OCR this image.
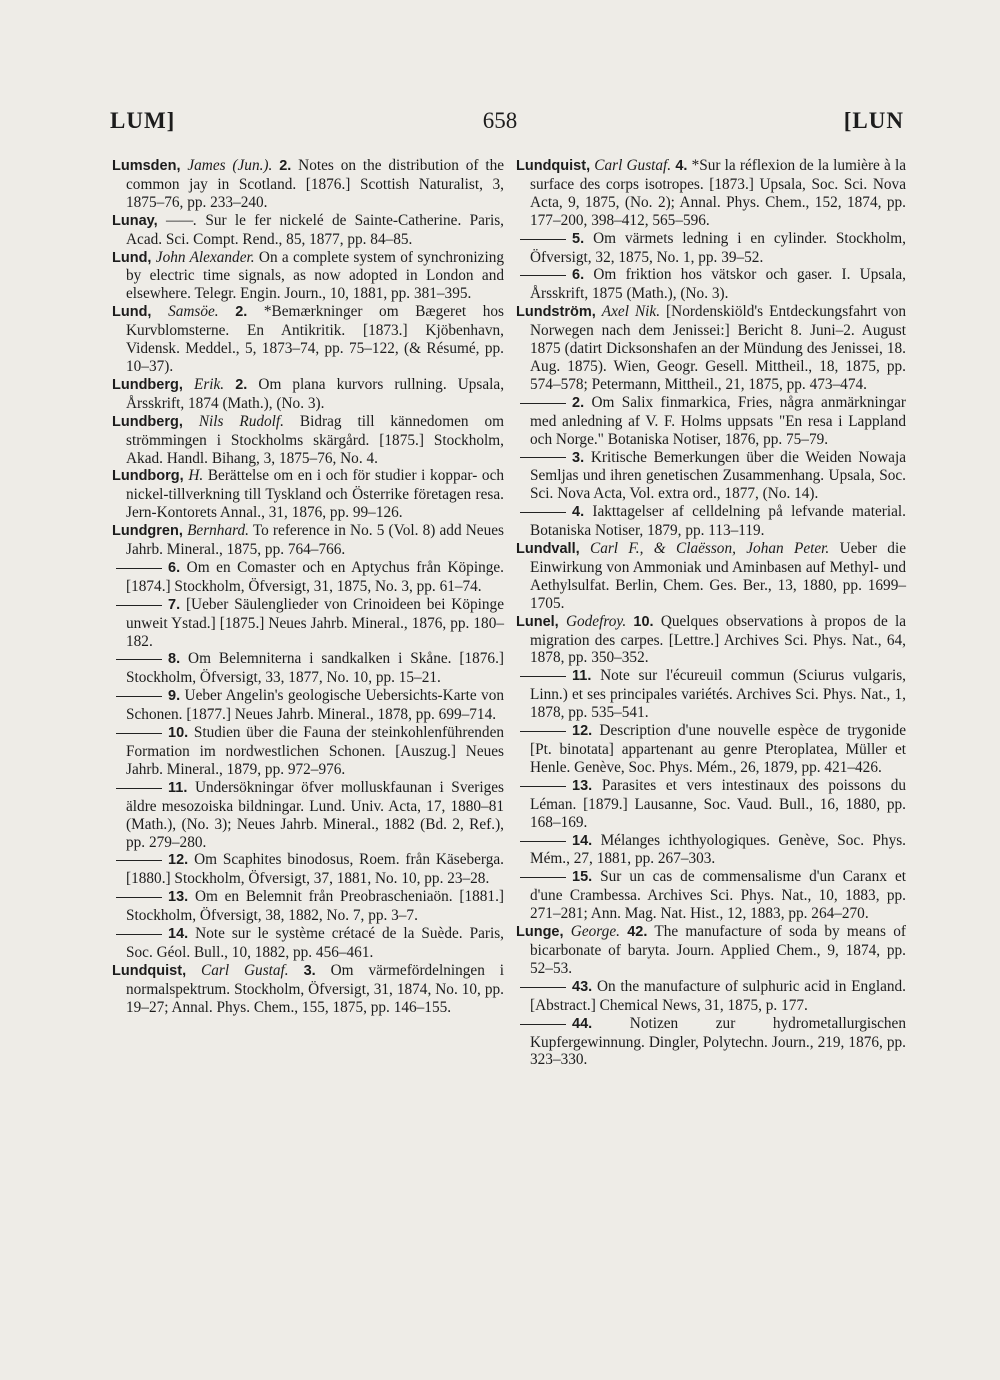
LUM]	658	[LUN

Lumsden, James (Jun.). 2. Notes on the distribution of the common jay in Scotland. [1876.] Scottish Naturalist, 3, 1875–76, pp. 233–240.

Lunay, ——. Sur le fer nickelé de Sainte-Catherine. Paris, Acad. Sci. Compt. Rend., 85, 1877, pp. 84–85.

Lund, John Alexander. On a complete system of synchronizing by electric time signals, as now adopted in London and elsewhere. Telegr. Engin. Journ., 10, 1881, pp. 381–395.

Lund, Samsöe. 2. *Bemærkninger om Bægeret hos Kurvblomsterne. En Antikritik. [1873.] Kjöbenhavn, Vidensk. Meddel., 5, 1873–74, pp. 75–122, (& Résumé, pp. 10–37).

Lundberg, Erik. 2. Om plana kurvors rullning. Upsala, Årsskrift, 1874 (Math.), (No. 3).

Lundberg, Nils Rudolf. Bidrag till kännedomen om strömmingen i Stockholms skärgård. [1875.] Stockholm, Akad. Handl. Bihang, 3, 1875–76, No. 4.

Lundborg, H. Berättelse om en i och för studier i koppar- och nickel-tillverkning till Tyskland och Österrike företagen resa. Jern-Kontorets Annal., 31, 1876, pp. 99–126.

Lundgren, Bernhard. To reference in No. 5 (Vol. 8) add Neues Jahrb. Mineral., 1875, pp. 764–766.

6. Om en Comaster och en Aptychus från Köpinge. [1874.] Stockholm, Öfversigt, 31, 1875, No. 3, pp. 61–74.

7. [Ueber Säulenglieder von Crinoideen bei Köpinge unweit Ystad.] [1875.] Neues Jahrb. Mineral., 1876, pp. 180–182.

8. Om Belemniterna i sandkalken i Skåne. [1876.] Stockholm, Öfversigt, 33, 1877, No. 10, pp. 15–21.

9. Ueber Angelin's geologische Uebersichts-Karte von Schonen. [1877.] Neues Jahrb. Mineral., 1878, pp. 699–714.

10. Studien über die Fauna der steinkohlenführenden Formation im nordwestlichen Schonen. [Auszug.] Neues Jahrb. Mineral., 1879, pp. 972–976.

11. Undersökningar öfver molluskfaunan i Sveriges äldre mesozoiska bildningar. Lund. Univ. Acta, 17, 1880–81 (Math.), (No. 3); Neues Jahrb. Mineral., 1882 (Bd. 2, Ref.), pp. 279–280.

12. Om Scaphites binodosus, Roem. från Käseberga. [1880.] Stockholm, Öfversigt, 37, 1881, No. 10, pp. 23–28.

13. Om en Belemnit från Preobrascheniaön. [1881.] Stockholm, Öfversigt, 38, 1882, No. 7, pp. 3–7.

14. Note sur le système crétacé de la Suède. Paris, Soc. Géol. Bull., 10, 1882, pp. 456–461.

Lundquist, Carl Gustaf. 3. Om värmefördelningen i normalspektrum. Stockholm, Öfversigt, 31, 1874, No. 10, pp. 19–27; Annal. Phys. Chem., 155, 1875, pp. 146–155.

Lundquist, Carl Gustaf. 4. *Sur la réflexion de la lumière à la surface des corps isotropes. [1873.] Upsala, Soc. Sci. Nova Acta, 9, 1875, (No. 2); Annal. Phys. Chem., 152, 1874, pp. 177–200, 398–412, 565–596.

5. Om värmets ledning i en cylinder. Stockholm, Öfversigt, 32, 1875, No. 1, pp. 39–52.

6. Om friktion hos vätskor och gaser. I. Upsala, Årsskrift, 1875 (Math.), (No. 3).

Lundström, Axel Nik. [Nordenskiöld's Entdeckungsfahrt von Norwegen nach dem Jenissei:] Bericht 8. Juni–2. August 1875 (datirt Dicksonshafen an der Mündung des Jenissei, 18. Aug. 1875). Wien, Geogr. Gesell. Mittheil., 18, 1875, pp. 574–578; Petermann, Mittheil., 21, 1875, pp. 473–474.

2. Om Salix finmarkica, Fries, några anmärkningar med anledning af V. F. Holms uppsats "En resa i Lappland och Norge." Botaniska Notiser, 1876, pp. 75–79.

3. Kritische Bemerkungen über die Weiden Nowaja Semljas und ihren genetischen Zusammenhang. Upsala, Soc. Sci. Nova Acta, Vol. extra ord., 1877, (No. 14).

4. Iakttagelser af celldelning på lefvande material. Botaniska Notiser, 1879, pp. 113–119.

Lundvall, Carl F., & Claësson, Johan Peter. Ueber die Einwirkung von Ammoniak und Aminbasen auf Methyl- und Aethylsulfat. Berlin, Chem. Ges. Ber., 13, 1880, pp. 1699–1705.

Lunel, Godefroy. 10. Quelques observations à propos de la migration des carpes. [Lettre.] Archives Sci. Phys. Nat., 64, 1878, pp. 350–352.

11. Note sur l'écureuil commun (Sciurus vulgaris, Linn.) et ses principales variétés. Archives Sci. Phys. Nat., 1, 1878, pp. 535–541.

12. Description d'une nouvelle espèce de trygonide [Pt. binotata] appartenant au genre Pteroplatea, Müller et Henle. Genève, Soc. Phys. Mém., 26, 1879, pp. 421–426.

13. Parasites et vers intestinaux des poissons du Léman. [1879.] Lausanne, Soc. Vaud. Bull., 16, 1880, pp. 168–169.

14. Mélanges ichthyologiques. Genève, Soc. Phys. Mém., 27, 1881, pp. 267–303.

15. Sur un cas de commensalisme d'un Caranx et d'une Crambessa. Archives Sci. Phys. Nat., 10, 1883, pp. 271–281; Ann. Mag. Nat. Hist., 12, 1883, pp. 264–270.

Lunge, George. 42. The manufacture of soda by means of bicarbonate of baryta. Journ. Applied Chem., 9, 1874, pp. 52–53.

43. On the manufacture of sulphuric acid in England. [Abstract.] Chemical News, 31, 1875, p. 177.

44. Notizen zur hydrometallurgischen Kupfergewinnung. Dingler, Polytechn. Journ., 219, 1876, pp. 323–330.
